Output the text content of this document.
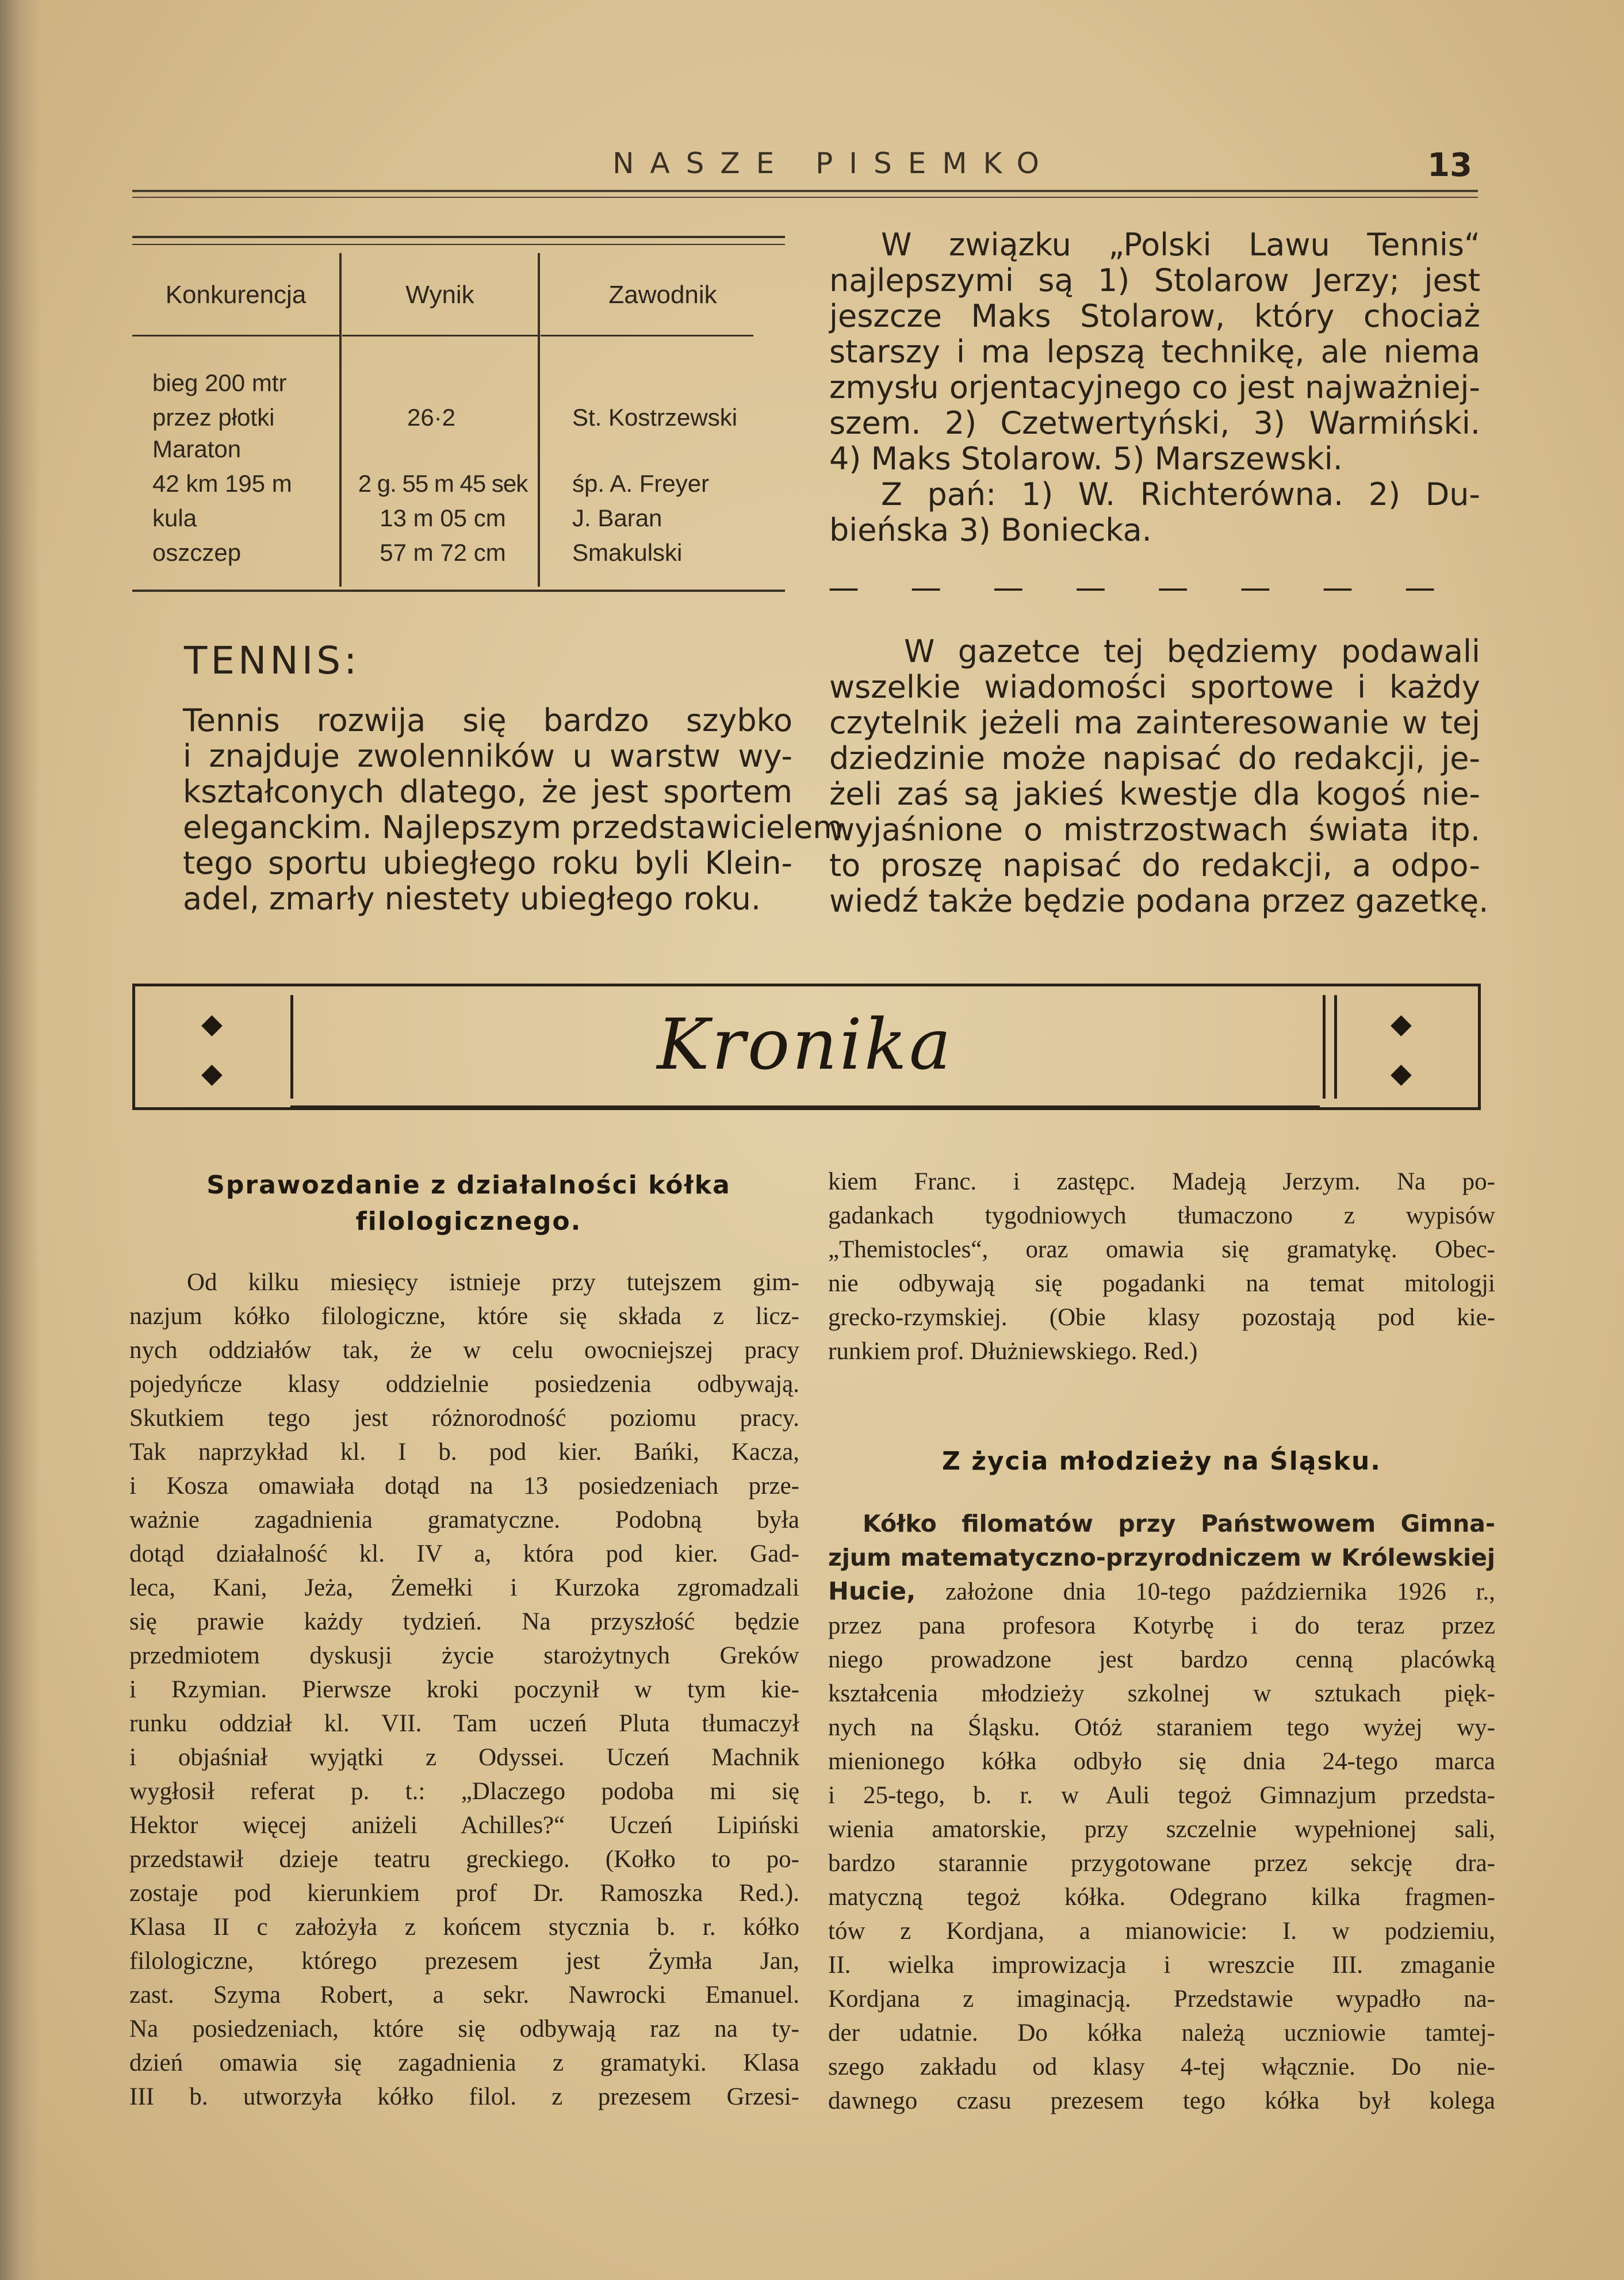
NASZE PISEMKO	13
Konkurencja	Wynik	Zawodnik
bieg 200 mtr
przez płotki	26·2	St. Kostrzewski
Maraton
42 km 195 m	2 g. 55 m 45 sek	śp. A. Freyer
kula	13 m 05 cm	J. Baran
oszczep	57 m 72 cm	Smakulski
TENNIS:
Tennis rozwija się bardzo szybko
i znajduje zwolenników u warstw wy-
kształconych dlatego, że jest sportem
eleganckim. Najlepszym przedstawicielem
tego sportu ubiegłego roku byli Klein-
adel, zmarły niestety ubiegłego roku.
W związku „Polski Lawu Tennis“
najlepszymi są 1) Stolarow Jerzy; jest
jeszcze Maks Stolarow, który chociaż
starszy i ma lepszą technikę, ale niema
zmysłu orjentacyjnego co jest najważniej-
szem. 2) Czetwertyński, 3) Warmiński.
4) Maks Stolarow. 5) Marszewski.
Z pań: 1) W. Richterówna. 2) Du-
bieńska 3) Boniecka.
— — — — — — — —
W gazetce tej będziemy podawali
wszelkie wiadomości sportowe i każdy
czytelnik jeżeli ma zainteresowanie w tej
dziedzinie może napisać do redakcji, je-
żeli zaś są jakieś kwestje dla kogoś nie-
wyjaśnione o mistrzostwach świata itp.
to proszę napisać do redakcji, a odpo-
wiedź także będzie podana przez gazetkę.
◆
◆
◆
◆
Kronika
Sprawozdanie z działalności kółka
filologicznego.
Od kilku miesięcy istnieje przy tutejszem gim-
nazjum kółko filologiczne, które się składa z licz-
nych oddziałów tak, że w celu owocniejszej pracy
pojedyńcze klasy oddzielnie posiedzenia odbywają.
Skutkiem tego jest różnorodność poziomu pracy.
Tak naprzykład kl. I b. pod kier. Bańki, Kacza,
i Kosza omawiała dotąd na 13 posiedzeniach prze-
ważnie zagadnienia gramatyczne. Podobną była
dotąd działalność kl. IV a, która pod kier. Gad-
leca, Kani, Jeża, Żemełki i Kurzoka zgromadzali
się prawie każdy tydzień. Na przyszłość będzie
przedmiotem dyskusji życie starożytnych Greków
i Rzymian. Pierwsze kroki poczynił w tym kie-
runku oddział kl. VII. Tam uczeń Pluta tłumaczył
i objaśniał wyjątki z Odyssei. Uczeń Machnik
wygłosił referat p. t.: „Dlaczego podoba mi się
Hektor więcej aniżeli Achilles?“ Uczeń Lipiński
przedstawił dzieje teatru greckiego. (Kołko to po-
zostaje pod kierunkiem prof Dr. Ramoszka Red.).
Klasa II c założyła z końcem stycznia b. r. kółko
filologiczne, którego prezesem jest Żymła Jan,
zast. Szyma Robert, a sekr. Nawrocki Emanuel.
Na posiedzeniach, które się odbywają raz na ty-
dzień omawia się zagadnienia z gramatyki. Klasa
III b. utworzyła kółko filol. z prezesem Grzesi-
kiem Franc. i zastępc. Madeją Jerzym. Na po-
gadankach tygodniowych tłumaczono z wypisów
„Themistocles“, oraz omawia się gramatykę. Obec-
nie odbywają się pogadanki na temat mitologji
grecko-rzymskiej. (Obie klasy pozostają pod kie-
runkiem prof. Dłużniewskiego. Red.)
Z życia młodzieży na Śląsku.
Kółko filomatów przy Państwowem Gimna-
zjum matematyczno-przyrodniczem w Królewskiej
Hucie, założone dnia 10-tego października 1926 r.,
przez pana profesora Kotyrbę i do teraz przez
niego prowadzone jest bardzo cenną placówką
kształcenia młodzieży szkolnej w sztukach pięk-
nych na Śląsku. Otóż staraniem tego wyżej wy-
mienionego kółka odbyło się dnia 24-tego marca
i 25-tego, b. r. w Auli tegoż Gimnazjum przedsta-
wienia amatorskie, przy szczelnie wypełnionej sali,
bardzo starannie przygotowane przez sekcję dra-
matyczną tegoż kółka. Odegrano kilka fragmen-
tów z Kordjana, a mianowicie: I. w podziemiu,
II. wielka improwizacja i wreszcie III. zmaganie
Kordjana z imaginacją. Przedstawie wypadło na-
der udatnie. Do kółka należą uczniowie tamtej-
szego zakładu od klasy 4-tej włącznie. Do nie-
dawnego czasu prezesem tego kółka był kolega
